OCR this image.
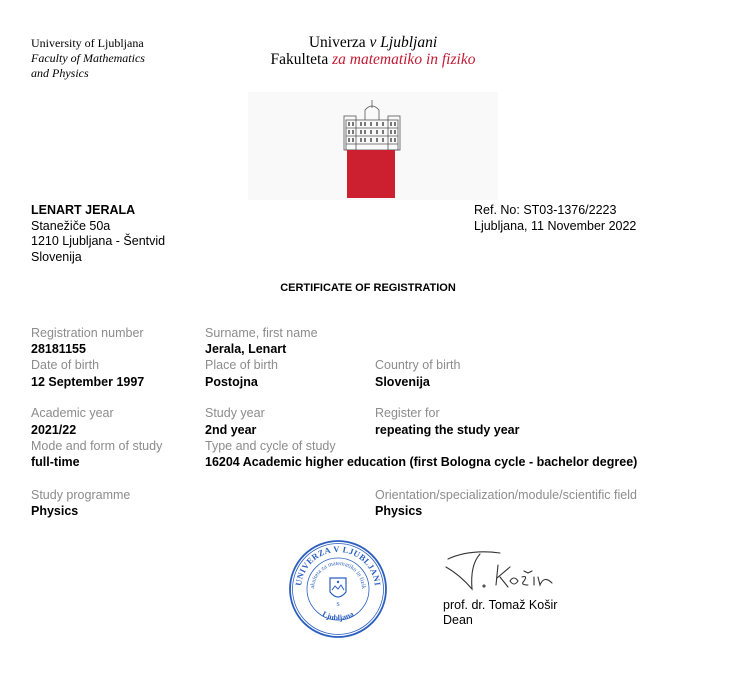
University of Ljubljana
Faculty of Mathematics
and Physics
Univerza v Ljubljani
Fakulteta za matematiko in fiziko
LENART JERALA
Stanežiče 50a
1210 Ljubljana - Šentvid
Slovenija
Ref. No: ST03-1376/2223
Ljubljana, 11 November 2022
CERTIFICATE OF REGISTRATION
Registration number
28181155
Surname, first name
Jerala, Lenart
Date of birth
12 September 1997
Place of birth
Postojna
Country of birth
Slovenija
Academic year
2021/22
Study year
2nd year
Register for
repeating the study year
Mode and form of study
full-time
Type and cycle of study
16204 Academic higher education (first Bologna cycle - bachelor degree)
Study programme
Physics
Orientation/specialization/module/scientific field
Physics
UNIVERZA V LJUBLJANI
akulteta za matematiko in fizik
Ljubljana
S	prof. dr. Tomaž Košir
Dean
